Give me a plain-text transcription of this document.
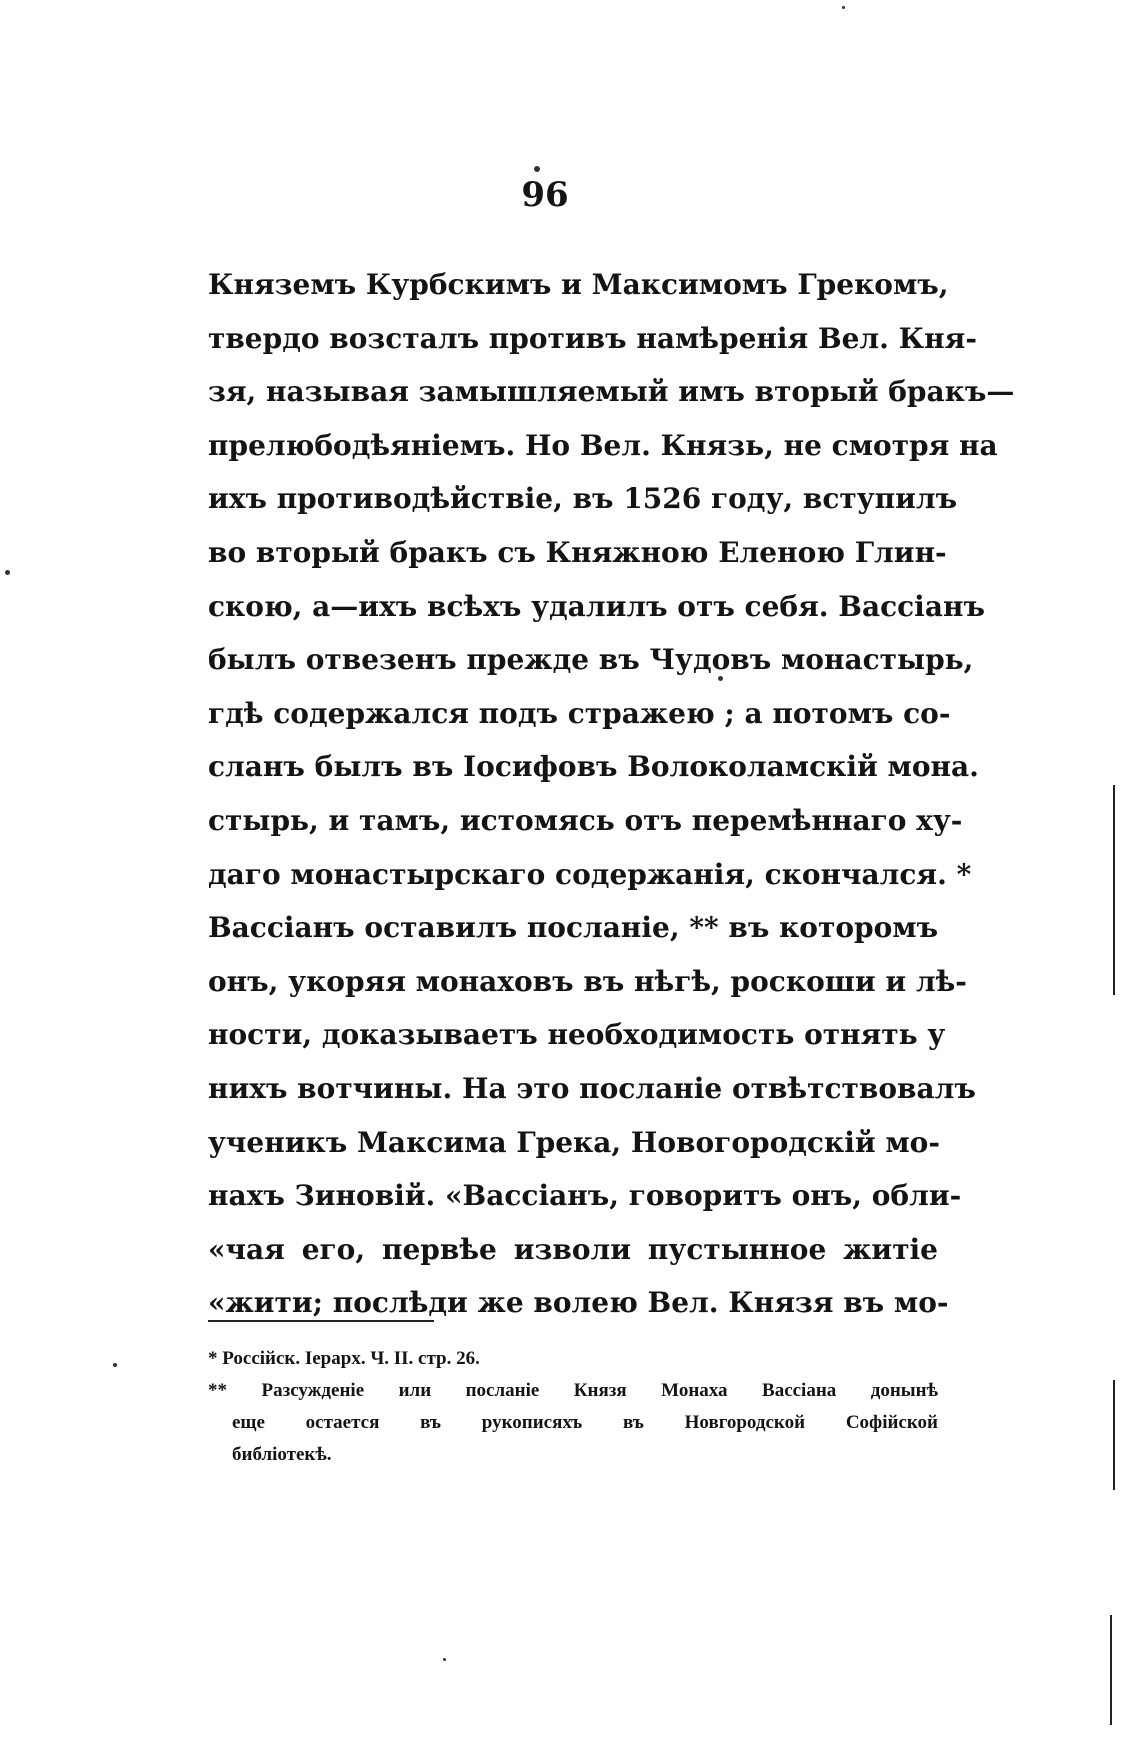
96
Княземъ Курбскимъ и Максимомъ Грекомъ,
твердо возсталъ противъ намѣренія Вел. Кня-
зя, называя замышляемый имъ вторый бракъ—
прелюбодѣяніемъ. Но Вел. Князь, не смотря на
ихъ противодѣйствіе, въ 1526 году, вступилъ
во вторый бракъ съ Княжною Еленою Глин-
скою, а—ихъ всѣхъ удалилъ отъ себя. Вассіанъ
былъ отвезенъ прежде въ Чудовъ монастырь,
гдѣ содержался подъ стражею ; а потомъ со-
сланъ былъ въ Іосифовъ Волоколамскій мона.
стырь, и тамъ, истомясь отъ перемѣннаго ху-
даго монастырскаго содержанія, скончался. *
Вассіанъ оставилъ посланіе, ** въ которомъ
онъ, укоряя монаховъ въ нѣгѣ, роскоши и лѣ-
ности, доказываетъ необходимость отнять у
нихъ вотчины. На это посланіе отвѣтствовалъ
ученикъ Максима Грека, Новогородскій мо-
нахъ Зиновій. «Вассіанъ, говоритъ онъ, обли-
«чая его, первѣе изволи пустынное житіе
«жити; послѣди же волею Вел. Князя въ мо-
* Россійск. Іерарх. Ч. II. стр. 26.
** Разсужденіе или посланіе Князя Монаха Вассіана донынѣ
еще остается въ рукописяхъ въ Новгородской Софійской
библіотекѣ.
